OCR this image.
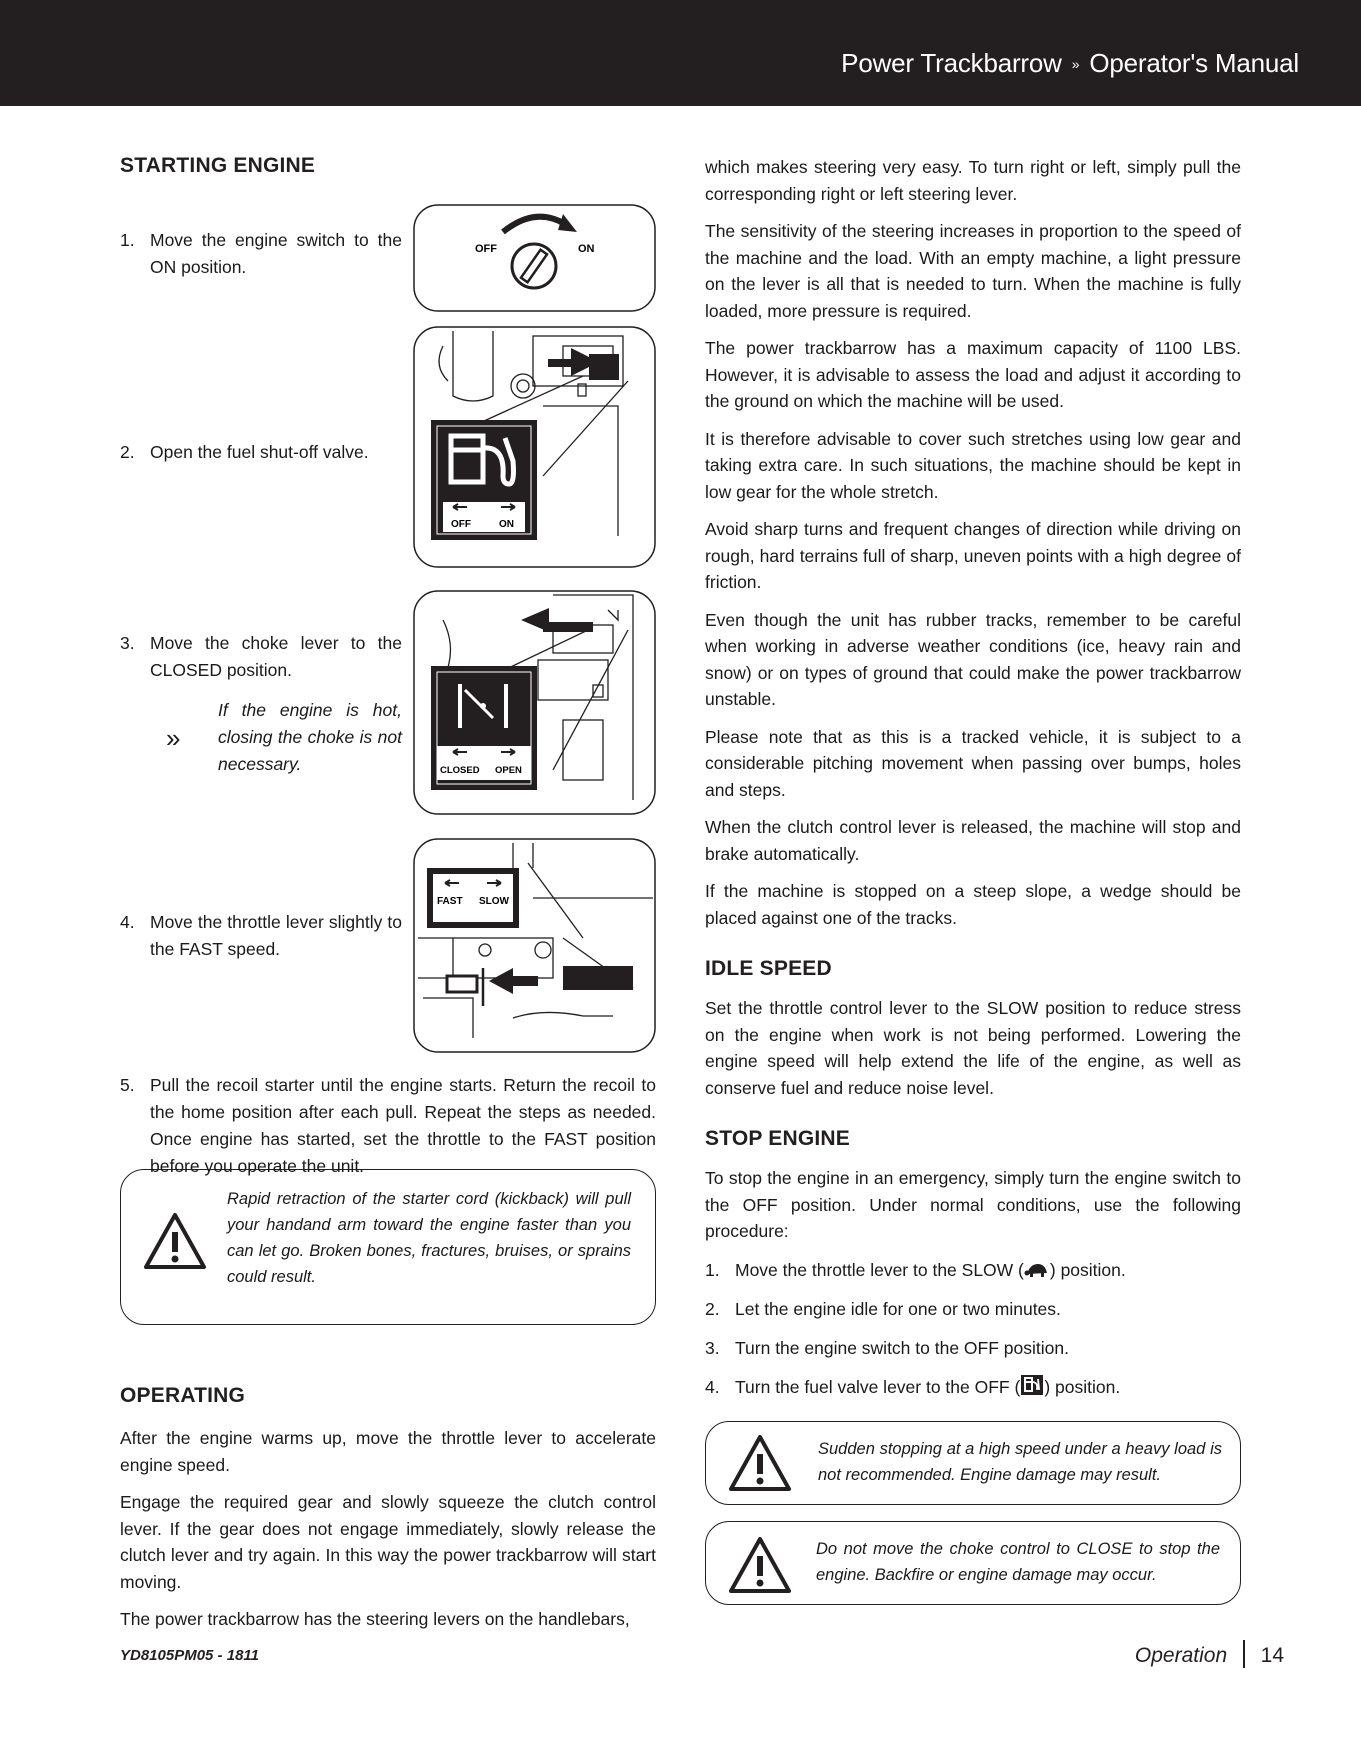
Power Trackbarrow » Operator's Manual
STARTING ENGINE
1. Move the engine switch to the ON position.
2. Open the fuel shut-off valve.
3. Move the choke lever to the CLOSED position.
»
If the engine is hot, closing the choke is not necessary.
4. Move the throttle lever slightly to the FAST speed.
OFF	ON
OFF	ON
CLOSED OPEN
FAST SLOW
5. Pull the recoil starter until the engine starts. Return the recoil to the home position after each pull. Repeat the steps as needed. Once engine has started, set the throttle to the FAST position before you operate the unit.
Rapid retraction of the starter cord (kickback) will pull your handand arm toward the engine faster than you can let go. Broken bones, fractures, bruises, or sprains could result.
OPERATING

After the engine warms up, move the throttle lever to accelerate engine speed.

Engage the required gear and slowly squeeze the clutch control lever. If the gear does not engage immediately, slowly release the clutch lever and try again. In this way the power trackbarrow will start moving.

The power trackbarrow has the steering levers on the handlebars,

which makes steering very easy. To turn right or left, simply pull the corresponding right or left steering lever.

The sensitivity of the steering increases in proportion to the speed of the machine and the load. With an empty machine, a light pressure on the lever is all that is needed to turn. When the machine is fully loaded, more pressure is required.

The power trackbarrow has a maximum capacity of 1100 LBS. However, it is advisable to assess the load and adjust it according to the ground on which the machine will be used.

It is therefore advisable to cover such stretches using low gear and taking extra care. In such situations, the machine should be kept in low gear for the whole stretch.

Avoid sharp turns and frequent changes of direction while driving on rough, hard terrains full of sharp, uneven points with a high degree of friction.

Even though the unit has rubber tracks, remember to be careful when working in adverse weather conditions (ice, heavy rain and snow) or on types of ground that could make the power trackbarrow unstable.

Please note that as this is a tracked vehicle, it is subject to a considerable pitching movement when passing over bumps, holes and steps.

When the clutch control lever is released, the machine will stop and brake automatically.

If the machine is stopped on a steep slope, a wedge should be placed against one of the tracks.

IDLE SPEED

Set the throttle control lever to the SLOW position to reduce stress on the engine when work is not being performed. Lowering the engine speed will help extend the life of the engine, as well as conserve fuel and reduce noise level.

STOP ENGINE

To stop the engine in an emergency, simply turn the engine switch to the OFF position. Under normal conditions, use the following procedure:

1. Move the throttle lever to the SLOW ( ) position.
2. Let the engine idle for one or two minutes.
3. Turn the engine switch to the OFF position.
4. Turn the fuel valve lever to the OFF ( ) position.
Sudden stopping at a high speed under a heavy load is not recommended. Engine damage may result.
Do not move the choke control to CLOSE to stop the engine. Backfire or engine damage may occur.
YD8105PM05 - 1811	Operation 14
